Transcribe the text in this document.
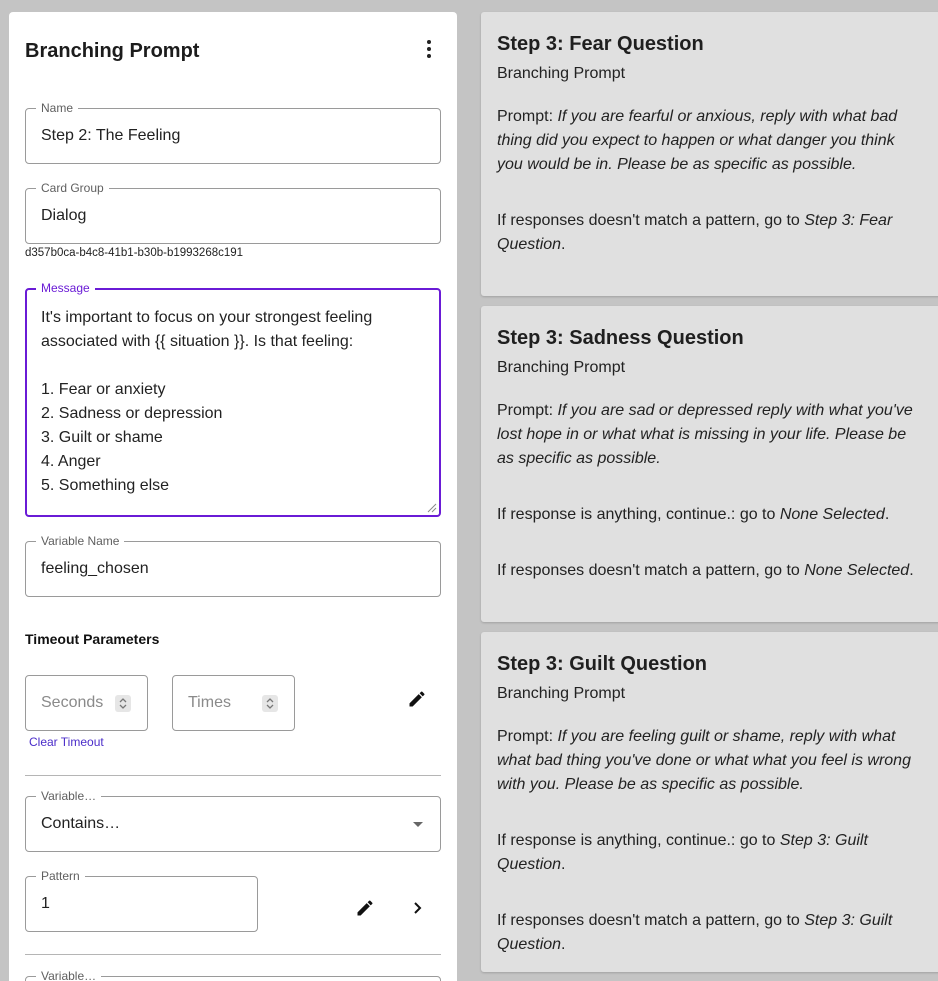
Branching Prompt
Name
Step 2: The Feeling
Card Group
Dialog
d357b0ca-b4c8-41b1-b30b-b1993268c191
Message
It's important to focus on your strongest feeling
associated with {{ situation }}. Is that feeling:
1. Fear or anxiety
2. Sadness or depression
3. Guilt or shame
4. Anger
5. Something else
Variable Name
feeling_chosen
Timeout Parameters
Seconds	Times
Clear Timeout
Variable…
Contains…
Pattern
1
Variable…
Step 3: Fear Question
Branching Prompt
Prompt: If you are fearful or anxious, reply with what bad thing did you expect to happen or what danger you think you would be in. Please be as specific as possible.
If responses doesn't match a pattern, go to Step 3: Fear Question.
Step 3: Sadness Question
Branching Prompt
Prompt: If you are sad or depressed reply with what you've lost hope in or what what is missing in your life. Please be as specific as possible.
If response is anything, continue.: go to None Selected.
If responses doesn't match a pattern, go to None Selected.
Step 3: Guilt Question
Branching Prompt
Prompt: If you are feeling guilt or shame, reply with what what bad thing you've done or what what you feel is wrong with you. Please be as specific as possible.
If response is anything, continue.: go to Step 3: Guilt Question.
If responses doesn't match a pattern, go to Step 3: Guilt Question.
